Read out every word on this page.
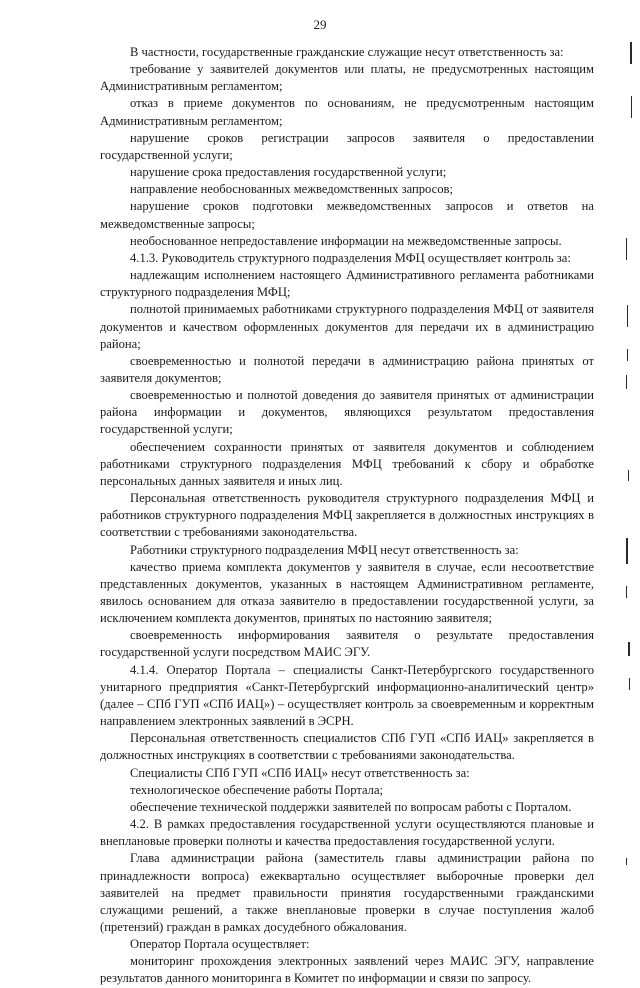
29

В частности, государственные гражданские служащие несут ответственность за:

требование у заявителей документов или платы, не предусмотренных настоящим Административным регламентом;

отказ в приеме документов по основаниям, не предусмотренным настоящим Административным регламентом;

нарушение сроков регистрации запросов заявителя о предоставлении государственной услуги;

нарушение срока предоставления государственной услуги;

направление необоснованных межведомственных запросов;

нарушение сроков подготовки межведомственных запросов и ответов на межведомственные запросы;

необоснованное непредоставление информации на межведомственные запросы.

4.1.3. Руководитель структурного подразделения МФЦ осуществляет контроль за:

надлежащим исполнением настоящего Административного регламента работниками структурного подразделения МФЦ;

полнотой принимаемых работниками структурного подразделения МФЦ от заявителя документов и качеством оформленных документов для передачи их в администрацию района;

своевременностью и полнотой передачи в администрацию района принятых от заявителя документов;

своевременностью и полнотой доведения до заявителя принятых от администрации района информации и документов, являющихся результатом предоставления государственной услуги;

обеспечением сохранности принятых от заявителя документов и соблюдением работниками структурного подразделения МФЦ требований к сбору и обработке персональных данных заявителя и иных лиц.

Персональная ответственность руководителя структурного подразделения МФЦ и работников структурного подразделения МФЦ закрепляется в должностных инструкциях в соответствии с требованиями законодательства.

Работники структурного подразделения МФЦ несут ответственность за:

качество приема комплекта документов у заявителя в случае, если несоответствие представленных документов, указанных в настоящем Административном регламенте, явилось основанием для отказа заявителю в предоставлении государственной услуги, за исключением комплекта документов, принятых по настоянию заявителя;

своевременность информирования заявителя о результате предоставления государственной услуги посредством МАИС ЭГУ.

4.1.4. Оператор Портала – специалисты Санкт-Петербургского государственного унитарного предприятия «Санкт-Петербургский информационно-аналитический центр» (далее – СПб ГУП «СПб ИАЦ») – осуществляет контроль за своевременным и корректным направлением электронных заявлений в ЭСРН.

Персональная ответственность специалистов СПб ГУП «СПб ИАЦ» закрепляется в должностных инструкциях в соответствии с требованиями законодательства.

Специалисты СПб ГУП «СПб ИАЦ» несут ответственность за:

технологическое обеспечение работы Портала;

обеспечение технической поддержки заявителей по вопросам работы с Порталом.

4.2. В рамках предоставления государственной услуги осуществляются плановые и внеплановые проверки полноты и качества предоставления государственной услуги.

Глава администрации района (заместитель главы администрации района по принадлежности вопроса) ежеквартально осуществляет выборочные проверки дел заявителей на предмет правильности принятия государственными гражданскими служащими решений, а также внеплановые проверки в случае поступления жалоб (претензий) граждан в рамках досудебного обжалования.

Оператор Портала осуществляет:

мониторинг прохождения электронных заявлений через МАИС ЭГУ, направление результатов данного мониторинга в Комитет по информации и связи по запросу.
